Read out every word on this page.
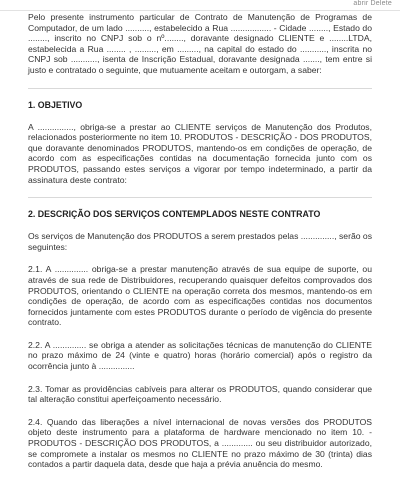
abrir Delete

Pelo presente instrumento particular de Contrato de Manutenção de Programas de Computador, de um lado .........., estabelecido a Rua ................. - Cidade ........, Estado do ........, inscrito no CNPJ sob o nº........, doravante designado CLIENTE e ........LTDA, estabelecida a Rua ........ , ........., em ........., na capital do estado do ..........., inscrita no CNPJ sob ..........., isenta de Inscrição Estadual, doravante designada ......., tem entre si justo e contratado o seguinte, que mutuamente aceitam e outorgam, a saber:

1. OBJETIVO

A ..............., obriga-se a prestar ao CLIENTE serviços de Manutenção dos Produtos, relacionados posteriormente no item 10. PRODUTOS - DESCRIÇÃO - DOS PRODUTOS, que doravante denominados PRODUTOS, mantendo-os em condições de operação, de acordo com as especificações contidas na documentação fornecida junto com os PRODUTOS, passando estes serviços a vigorar por tempo indeterminado, a partir da assinatura deste contrato:

2. DESCRIÇÃO DOS SERVIÇOS CONTEMPLADOS NESTE CONTRATO

Os serviços de Manutenção dos PRODUTOS a serem prestados pelas .............., serão os seguintes:

2.1. A .............. obriga-se a prestar manutenção através de sua equipe de suporte, ou através de sua rede de Distribuidores, recuperando quaisquer defeitos comprovados dos PRODUTOS, orientando o CLIENTE na operação correta dos mesmos, mantendo-os em condições de operação, de acordo com as especificações contidas nos documentos fornecidos juntamente com estes PRODUTOS durante o período de vigência do presente contrato.

2.2. A .............. se obriga a atender as solicitações técnicas de manutenção do CLIENTE no prazo máximo de 24 (vinte e quatro) horas (horário comercial) após o registro da ocorrência junto à ...............

2.3. Tomar as providências cabíveis para alterar os PRODUTOS, quando considerar que tal alteração constitui aperfeiçoamento necessário.

2.4. Quando das liberações a nível internacional de novas versões dos PRODUTOS objeto deste instrumento para a plataforma de hardware mencionado no item 10. - PRODUTOS - DESCRIÇÃO DOS PRODUTOS, a ............. ou seu distribuidor autorizado, se compromete a instalar os mesmos no CLIENTE no prazo máximo de 30 (trinta) dias contados a partir daquela data, desde que haja a prévia anuência do mesmo.
